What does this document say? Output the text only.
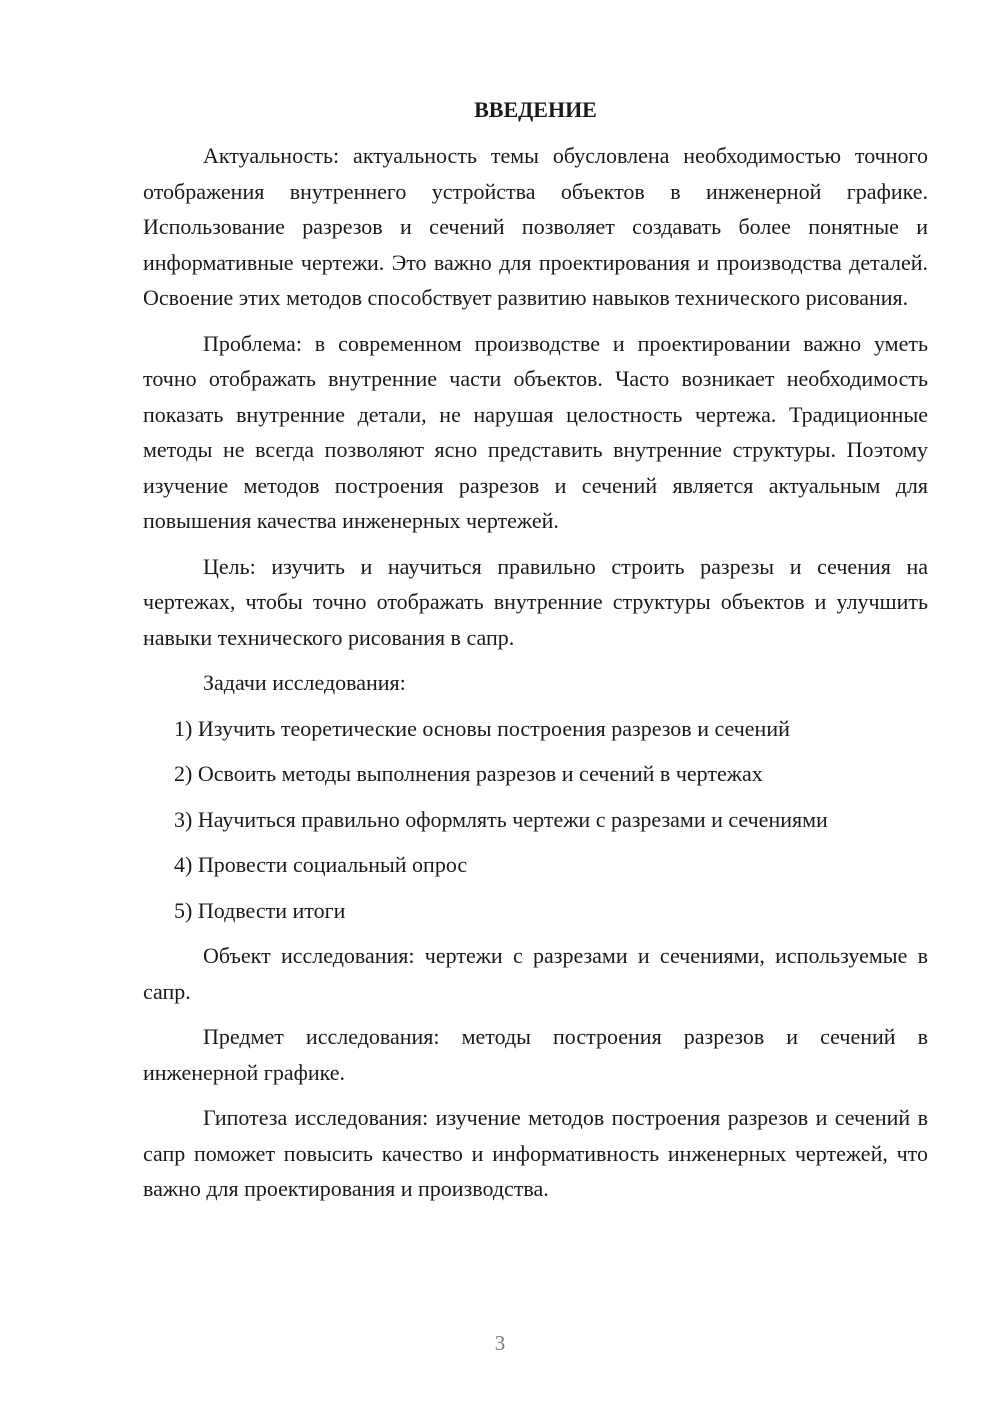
ВВЕДЕНИЕ

Актуальность: актуальность темы обусловлена необходимостью точного отображения внутреннего устройства объектов в инженерной графике. Использование разрезов и сечений позволяет создавать более понятные и информативные чертежи. Это важно для проектирования и производства деталей. Освоение этих методов способствует развитию навыков технического рисования.

Проблема: в современном производстве и проектировании важно уметь точно отображать внутренние части объектов. Часто возникает необходимость показать внутренние детали, не нарушая целостность чертежа. Традиционные методы не всегда позволяют ясно представить внутренние структуры. Поэтому изучение методов построения разрезов и сечений является актуальным для повышения качества инженерных чертежей.

Цель: изучить и научиться правильно строить разрезы и сечения на чертежах, чтобы точно отображать внутренние структуры объектов и улучшить навыки технического рисования в сапр.

Задачи исследования:
1) Изучить теоретические основы построения разрезов и сечений
2) Освоить методы выполнения разрезов и сечений в чертежах
3) Научиться правильно оформлять чертежи с разрезами и сечениями
4) Провести социальный опрос
5) Подвести итоги

Объект исследования: чертежи с разрезами и сечениями, используемые в сапр.

Предмет исследования: методы построения разрезов и сечений в инженерной графике.

Гипотеза исследования: изучение методов построения разрезов и сечений в сапр поможет повысить качество и информативность инженерных чертежей, что важно для проектирования и производства.

3
